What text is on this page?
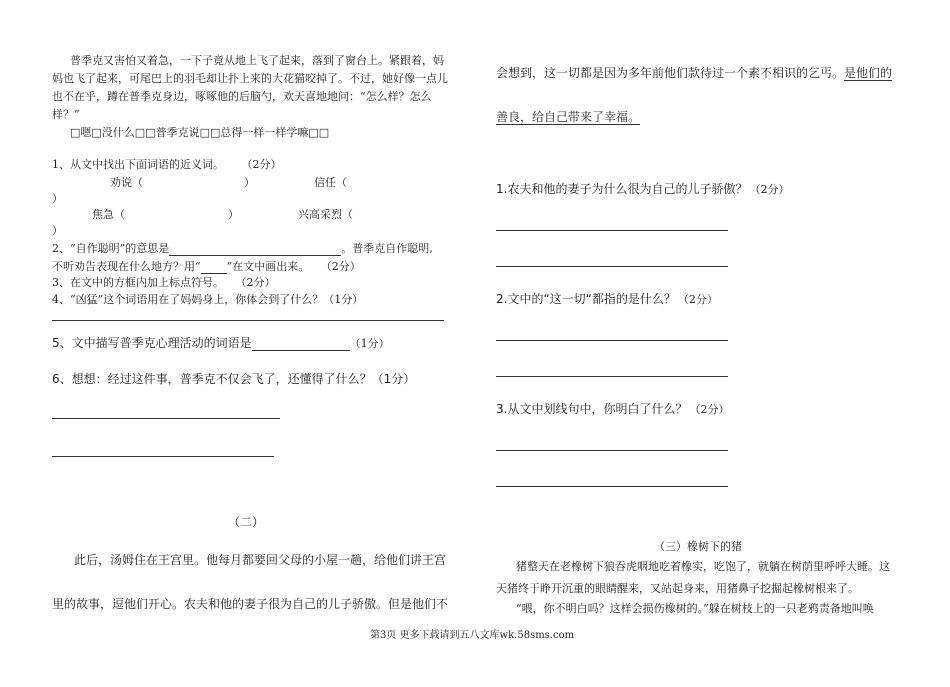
普季克又害怕又着急，一下子竟从地上飞了起来，落到了窗台上。紧跟着，妈
妈也飞了起来，可尾巴上的羽毛却让扑上来的大花猫咬掉了。不过，她好像一点儿
也不在乎，蹲在普季克身边，啄啄他的后脑勺，欢天喜地地问：“怎么样？怎么
样？”
□嗯□没什么□□普季克说□□总得一样一样学嘛□□
1、从文中找出下面词语的近义词。 （2分）
劝说（	）	信任（
）
焦急（	）	兴高采烈（
）
2、“自作聪明”的意思是	。普季克自作聪明,
不听劝告表现在什么地方？用“ ”在文中画出来。 （2分）
3、在文中的方框内加上标点符号。 （2分）
4、“凶猛”这个词语用在了妈妈身上，你体会到了什么？（1分）
5、文中描写普季克心理活动的词语是	（1分）
6、想想：经过这件事，普季克不仅会飞了，还懂得了什么？（1分）
（二）
此后，汤姆住在王宫里。他每月都要回父母的小屋一趟，给他们讲王宫
里的故事，逗他们开心。农夫和他的妻子很为自己的儿子骄傲。但是他们不
会想到，这一切都是因为多年前他们款待过一个素不相识的乞丐。是他们的
善良，给自己带来了幸福。
1.农夫和他的妻子为什么很为自己的儿子骄傲？ （2分）
2.文中的“这一切“都指的是什么？ （2分）
3.从文中划线句中，你明白了什么？ （2分）
（三）橡树下的猪
猪整天在老橡树下狼吞虎咽地吃着橡实，吃饱了，就躺在树荫里呼呼大睡。这
天猪终于睁开沉重的眼睛醒来，又站起身来，用猪鼻子挖掘起橡树根来了。
“喂，你不明白吗？这样会损伤橡树的。”躲在树枝上的一只老鸦责备地叫唤
第3页 更多下载请到五八文库wk.58sms.com
